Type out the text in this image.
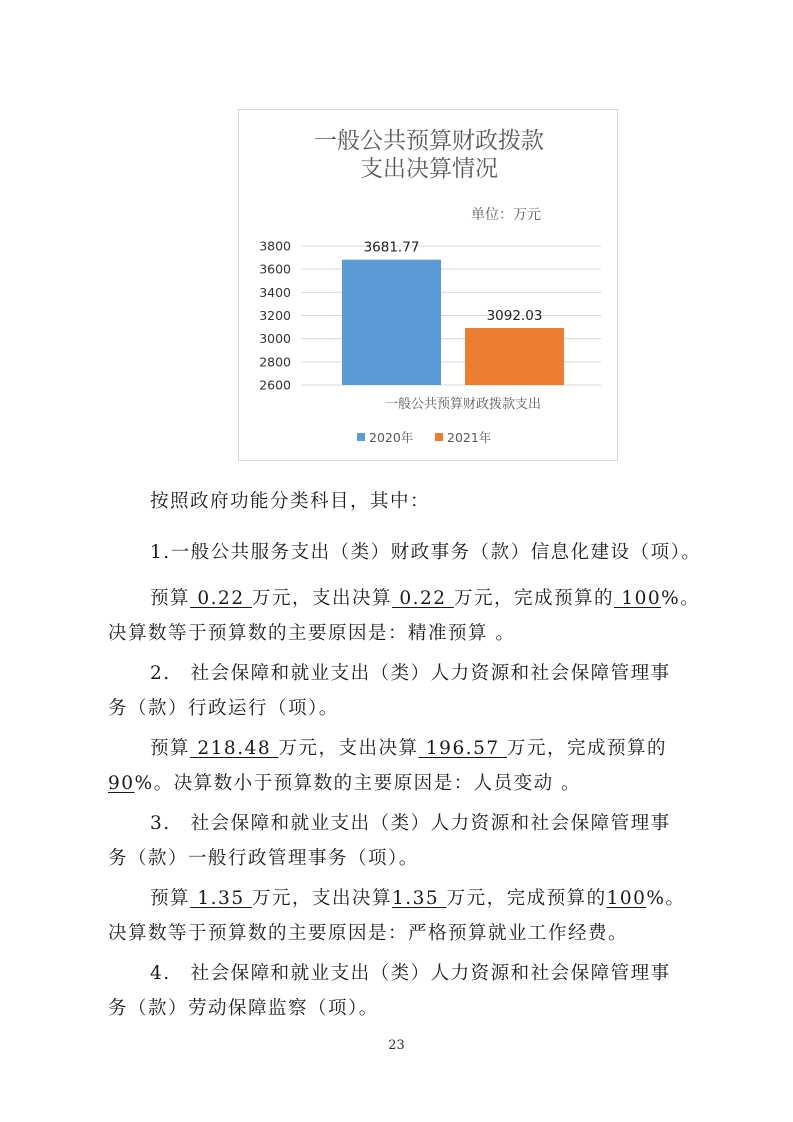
一般公共预算财政拨款
支出决算情况
单位：万元
2600
2800
3000
3200
3400
3600
3800	3681.77
3092.03
一般公共预算财政拨款支出
2020年	2021年
按照政府功能分类科目，其中：
1.一般公共服务支出（类）财政事务（款）信息化建设（项）。
预算 0.22 万元，支出决算 0.22 万元，完成预算的 100%。
决算数等于预算数的主要原因是：精准预算 。
2.　社会保障和就业支出（类）人力资源和社会保障管理事
务（款）行政运行（项）。
预算 218.48 万元，支出决算 196.57 万元，完成预算的
90%。决算数小于预算数的主要原因是：人员变动 。
3.　社会保障和就业支出（类）人力资源和社会保障管理事
务（款）一般行政管理事务（项）。
预算 1.35 万元，支出决算1.35 万元，完成预算的100%。
决算数等于预算数的主要原因是：严格预算就业工作经费。
4.　社会保障和就业支出（类）人力资源和社会保障管理事
务（款）劳动保障监察（项）。
23
